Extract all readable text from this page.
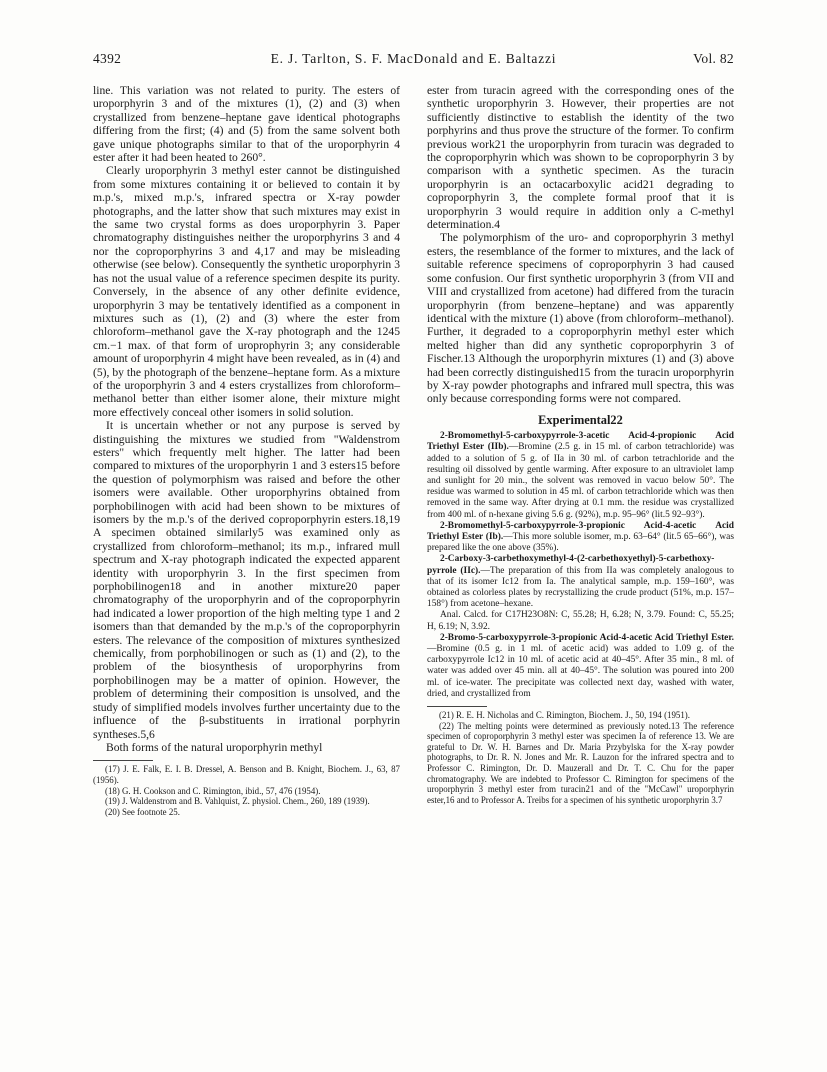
4392	E. J. Tarlton, S. F. MacDonald and E. Baltazzi	Vol. 82

line. This variation was not related to purity. The esters of uroporphyrin 3 and of the mixtures (1), (2) and (3) when crystallized from benzene–heptane gave identical photographs differing from the first; (4) and (5) from the same solvent both gave unique photographs similar to that of the uroporphyrin 4 ester after it had been heated to 260°.

Clearly uroporphyrin 3 methyl ester cannot be distinguished from some mixtures containing it or believed to contain it by m.p.'s, mixed m.p.'s, infrared spectra or X-ray powder photographs, and the latter show that such mixtures may exist in the same two crystal forms as does uroporphyrin 3. Paper chromatography distinguishes neither the uroporphyrins 3 and 4 nor the coproporphyrins 3 and 4,17 and may be misleading otherwise (see below). Consequently the synthetic uroporphyrin 3 has not the usual value of a reference specimen despite its purity. Conversely, in the absence of any other definite evidence, uroporphyrin 3 may be tentatively identified as a component in mixtures such as (1), (2) and (3) where the ester from chloroform–methanol gave the X-ray photograph and the 1245 cm.−1 max. of that form of uroprophyrin 3; any considerable amount of uroporphyrin 4 might have been revealed, as in (4) and (5), by the photograph of the benzene–heptane form. As a mixture of the uroporphyrin 3 and 4 esters crystallizes from chloroform–methanol better than either isomer alone, their mixture might more effectively conceal other isomers in solid solution.

It is uncertain whether or not any purpose is served by distinguishing the mixtures we studied from "Waldenstrom esters" which frequently melt higher. The latter had been compared to mixtures of the uroporphyrin 1 and 3 esters15 before the question of polymorphism was raised and before the other isomers were available. Other uroporphyrins obtained from porphobilinogen with acid had been shown to be mixtures of isomers by the m.p.'s of the derived coproporphyrin esters.18,19 A specimen obtained similarly5 was examined only as crystallized from chloroform–methanol; its m.p., infrared mull spectrum and X-ray photograph indicated the expected apparent identity with uroporphyrin 3. In the first specimen from porphobilinogen18 and in another mixture20 paper chromatography of the uroporphyrin and of the coproporphyrin had indicated a lower proportion of the high melting type 1 and 2 isomers than that demanded by the m.p.'s of the coproporphyrin esters. The relevance of the composition of mixtures synthesized chemically, from porphobilinogen or such as (1) and (2), to the problem of the biosynthesis of uroporphyrins from porphobilinogen may be a matter of opinion. However, the problem of determining their composition is unsolved, and the study of simplified models involves further uncertainty due to the influence of the β-substituents in irrational porphyrin syntheses.5,6

Both forms of the natural uroporphyrin methyl

(17) J. E. Falk, E. I. B. Dressel, A. Benson and B. Knight, Biochem. J., 63, 87 (1956).

(18) G. H. Cookson and C. Rimington, ibid., 57, 476 (1954).

(19) J. Waldenstrom and B. Vahlquist, Z. physiol. Chem., 260, 189 (1939).

(20) See footnote 25.

ester from turacin agreed with the corresponding ones of the synthetic uroporphyrin 3. However, their properties are not sufficiently distinctive to establish the identity of the two porphyrins and thus prove the structure of the former. To confirm previous work21 the uroporphyrin from turacin was degraded to the coproporphyrin which was shown to be coproporphyrin 3 by comparison with a synthetic specimen. As the turacin uroporphyrin is an octacarboxylic acid21 degrading to coproporphyrin 3, the complete formal proof that it is uroporphyrin 3 would require in addition only a C-methyl determination.4

The polymorphism of the uro- and coproporphyrin 3 methyl esters, the resemblance of the former to mixtures, and the lack of suitable reference specimens of coproporphyrin 3 had caused some confusion. Our first synthetic uroporphyrin 3 (from VII and VIII and crystallized from acetone) had differed from the turacin uroporphyrin (from benzene–heptane) and was apparently identical with the mixture (1) above (from chloroform–methanol). Further, it degraded to a coproporphyrin methyl ester which melted higher than did any synthetic coproporphyrin 3 of Fischer.13 Although the uroporphyrin mixtures (1) and (3) above had been correctly distinguished15 from the turacin uroporphyrin by X-ray powder photographs and infrared mull spectra, this was only because corresponding forms were not compared.

Experimental22

2-Bromomethyl-5-carboxypyrrole-3-acetic Acid-4-propionic Acid Triethyl Ester (IIb).—Bromine (2.5 g. in 15 ml. of carbon tetrachloride) was added to a solution of 5 g. of IIa in 30 ml. of carbon tetrachloride and the resulting oil dissolved by gentle warming. After exposure to an ultraviolet lamp and sunlight for 20 min., the solvent was removed in vacuo below 50°. The residue was warmed to solution in 45 ml. of carbon tetrachloride which was then removed in the same way. After drying at 0.1 mm. the residue was crystallized from 400 ml. of n-hexane giving 5.6 g. (92%), m.p. 95–96° (lit.5 92–93°).

2-Bromomethyl-5-carboxypyrrole-3-propionic Acid-4-acetic Acid Triethyl Ester (Ib).—This more soluble isomer, m.p. 63–64° (lit.5 65–66°), was prepared like the one above (35%).

2-Carboxy-3-carbethoxymethyl-4-(2-carbethoxyethyl)-5-carbethoxy-pyrrole (IIc).—The preparation of this from IIa was completely analogous to that of its isomer Ic12 from Ia. The analytical sample, m.p. 159–160°, was obtained as colorless plates by recrystallizing the crude product (51%, m.p. 157–158°) from acetone–hexane.

Anal. Calcd. for C17H23O8N: C, 55.28; H, 6.28; N, 3.79. Found: C, 55.25; H, 6.19; N, 3.92.

2-Bromo-5-carboxypyrrole-3-propionic Acid-4-acetic Acid Triethyl Ester.—Bromine (0.5 g. in 1 ml. of acetic acid) was added to 1.09 g. of the carboxypyrrole Ic12 in 10 ml. of acetic acid at 40–45°. After 35 min., 8 ml. of water was added over 45 min. all at 40–45°. The solution was poured into 200 ml. of ice-water. The precipitate was collected next day, washed with water, dried, and crystallized from

(21) R. E. H. Nicholas and C. Rimington, Biochem. J., 50, 194 (1951).

(22) The melting points were determined as previously noted.13 The reference specimen of coproporphyrin 3 methyl ester was specimen Ia of reference 13. We are grateful to Dr. W. H. Barnes and Dr. Maria Przybylska for the X-ray powder photographs, to Dr. R. N. Jones and Mr. R. Lauzon for the infrared spectra and to Professor C. Rimington, Dr. D. Mauzerall and Dr. T. C. Chu for the paper chromatography. We are indebted to Professor C. Rimington for specimens of the uroporphyrin 3 methyl ester from turacin21 and of the "McCawl" uroporphyrin ester,16 and to Professor A. Treibs for a specimen of his synthetic uroporphyrin 3.7
